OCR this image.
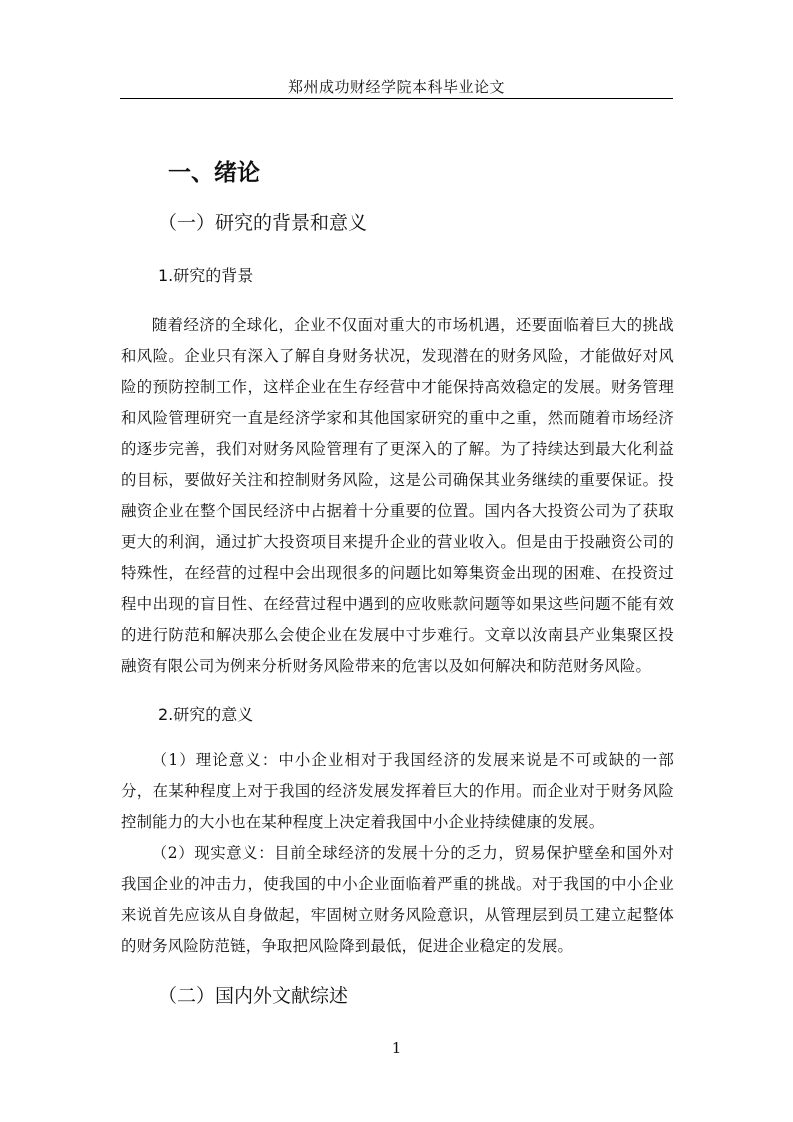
郑州成功财经学院本科毕业论文
一、绪论
（一）研究的背景和意义
1.研究的背景

随着经济的全球化，企业不仅面对重大的市场机遇，还要面临着巨大的挑战和风险。企业只有深入了解自身财务状况，发现潜在的财务风险，才能做好对风险的预防控制工作，这样企业在生存经营中才能保持高效稳定的发展。财务管理和风险管理研究一直是经济学家和其他国家研究的重中之重，然而随着市场经济的逐步完善，我们对财务风险管理有了更深入的了解。为了持续达到最大化利益的目标，要做好关注和控制财务风险，这是公司确保其业务继续的重要保证。投融资企业在整个国民经济中占据着十分重要的位置。国内各大投资公司为了获取更大的利润，通过扩大投资项目来提升企业的营业收入。但是由于投融资公司的特殊性，在经营的过程中会出现很多的问题比如筹集资金出现的困难、在投资过程中出现的盲目性、在经营过程中遇到的应收账款问题等如果这些问题不能有效的进行防范和解决那么会使企业在发展中寸步难行。文章以汝南县产业集聚区投融资有限公司为例来分析财务风险带来的危害以及如何解决和防范财务风险。

2.研究的意义

（1）理论意义：中小企业相对于我国经济的发展来说是不可或缺的一部分，在某种程度上对于我国的经济发展发挥着巨大的作用。而企业对于财务风险控制能力的大小也在某种程度上决定着我国中小企业持续健康的发展。

（2）现实意义：目前全球经济的发展十分的乏力，贸易保护壁垒和国外对我国企业的冲击力，使我国的中小企业面临着严重的挑战。对于我国的中小企业来说首先应该从自身做起，牢固树立财务风险意识，从管理层到员工建立起整体的财务风险防范链，争取把风险降到最低，促进企业稳定的发展。

（二）国内外文献综述
1
